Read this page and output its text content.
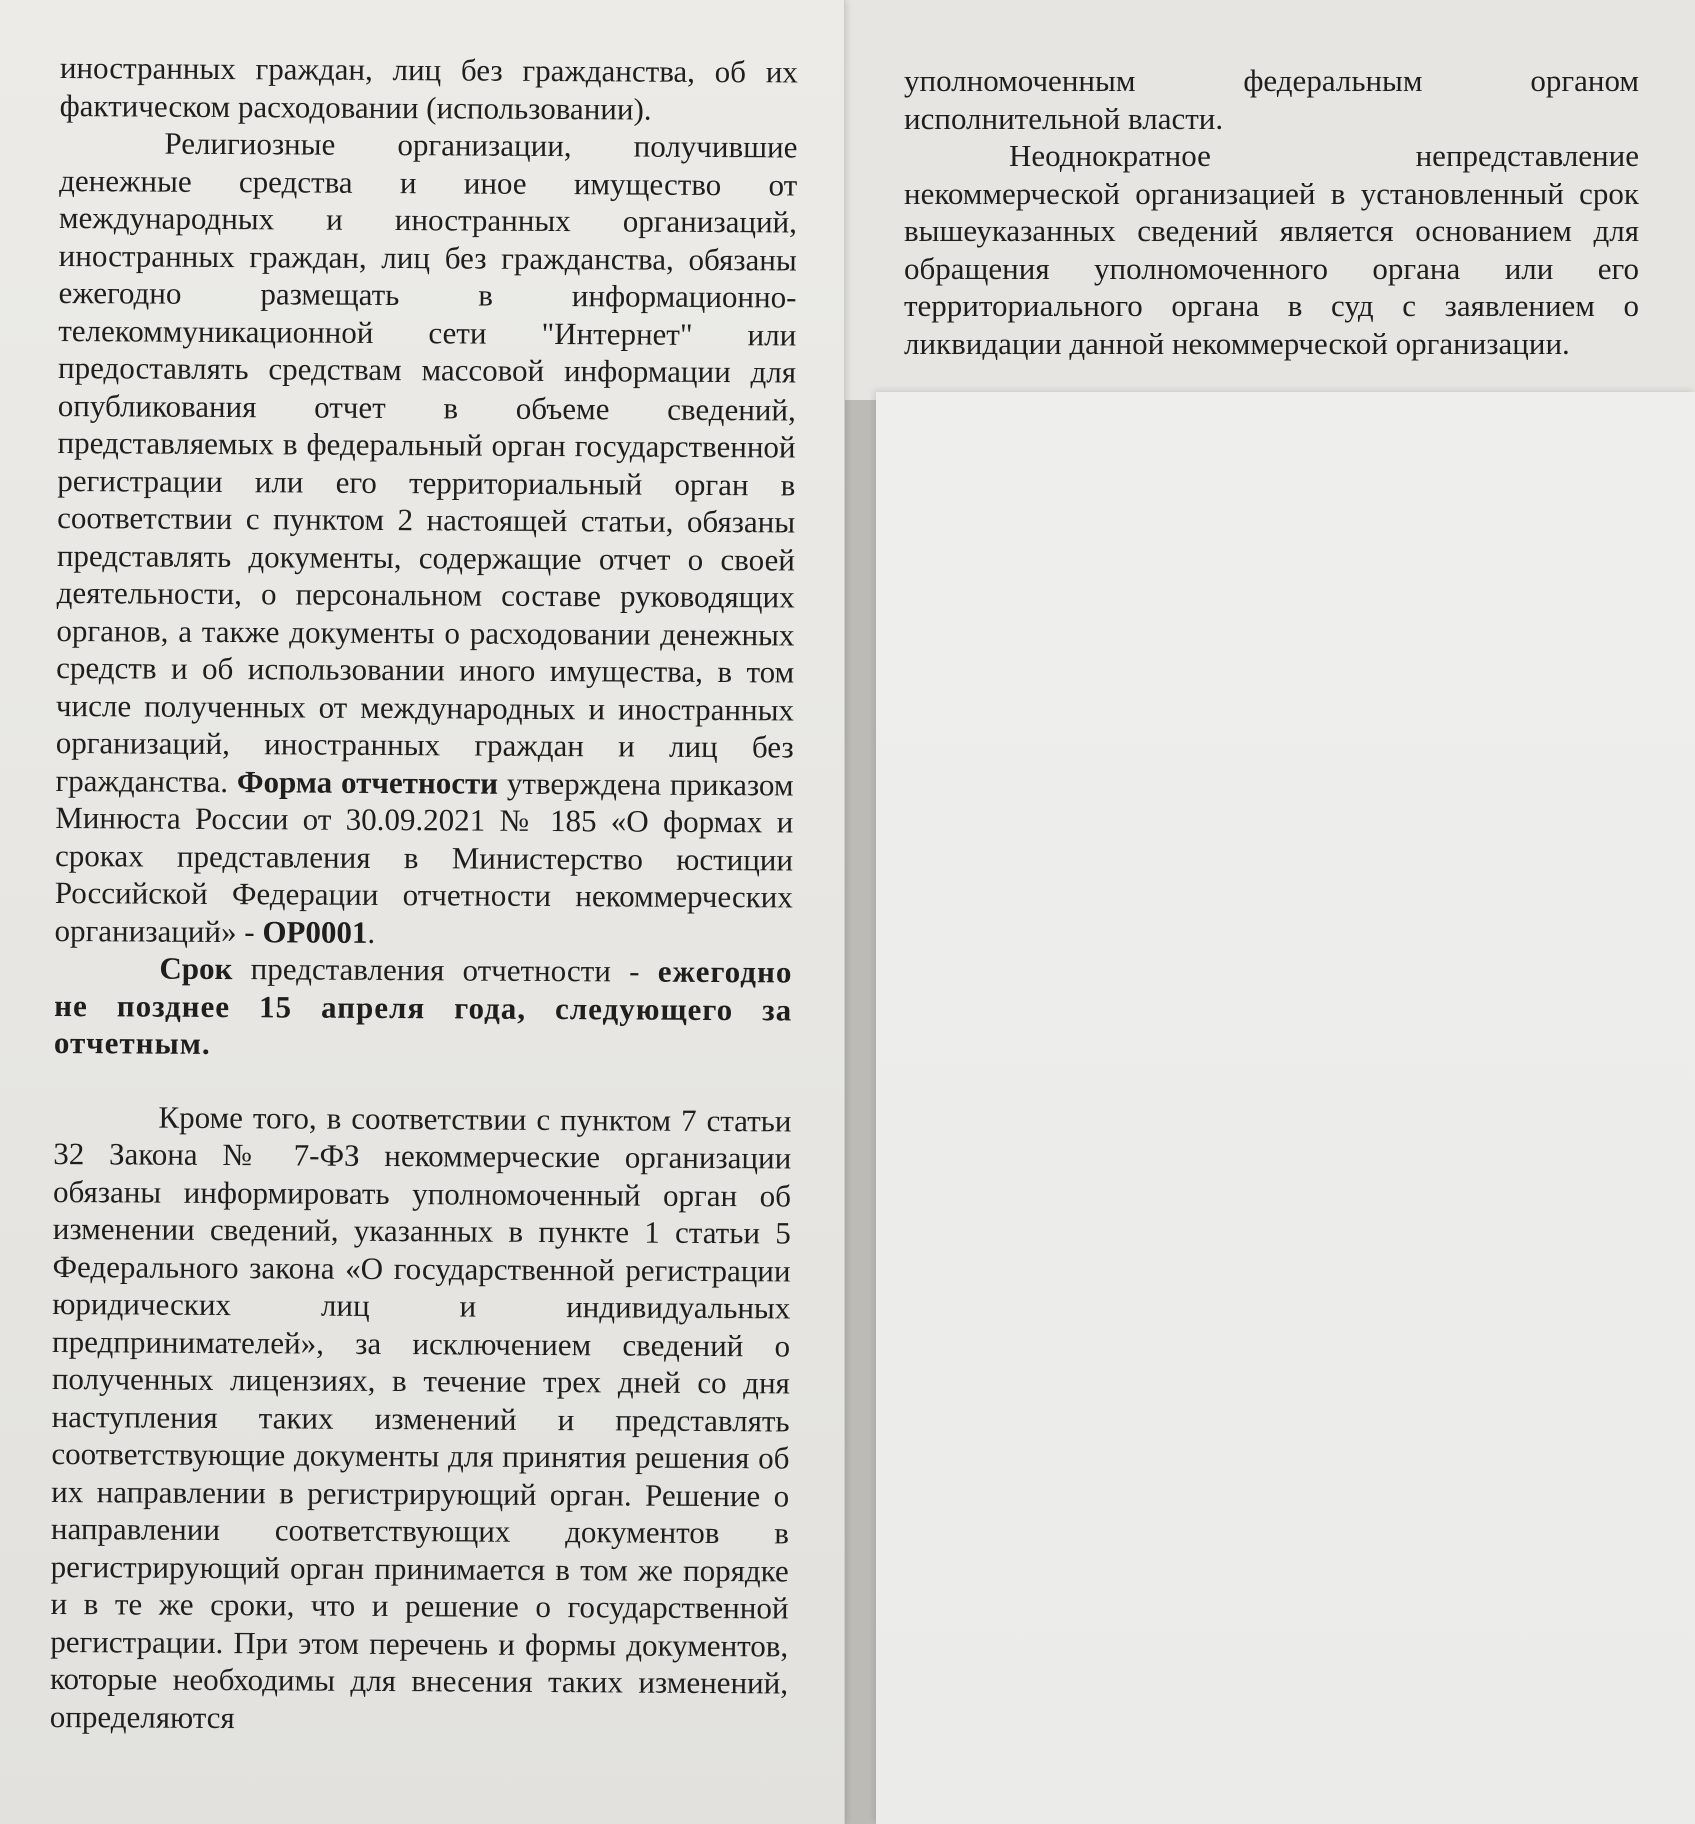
иностранных граждан, лиц без гражданства, об их фактическом расходовании (использовании).

Религиозные организации, получившие денежные средства и иное имущество от международных и иностранных организаций, иностранных граждан, лиц без гражданства, обязаны ежегодно размещать в информационно-телекоммуникационной сети "Интернет" или предоставлять средствам массовой информации для опубликования отчет в объеме сведений, представляемых в федеральный орган государственной регистрации или его территориальный орган в соответствии с пунктом 2 настоящей статьи, обязаны представлять документы, содержащие отчет о своей деятельности, о персональном составе руководящих органов, а также документы о расходовании денежных средств и об использовании иного имущества, в том числе полученных от международных и иностранных организаций, иностранных граждан и лиц без гражданства. Форма отчетности утверждена приказом Минюста России от 30.09.2021 № 185 «О формах и сроках представления в Министерство юстиции Российской Федерации отчетности некоммерческих организаций» - ОР0001.

Срок представления отчетности - ежегодно не позднее 15 апреля года, следующего за отчетным.

Кроме того, в соответствии с пунктом 7 статьи 32 Закона № 7-ФЗ некоммерческие организации обязаны информировать уполномоченный орган об изменении сведений, указанных в пункте 1 статьи 5 Федерального закона «О государственной регистрации юридических лиц и индивидуальных предпринимателей», за исключением сведений о полученных лицензиях, в течение трех дней со дня наступления таких изменений и представлять соответствующие документы для принятия решения об их направлении в регистрирующий орган. Решение о направлении соответствующих документов в регистрирующий орган принимается в том же порядке и в те же сроки, что и решение о государственной регистрации. При этом перечень и формы документов, которые необходимы для внесения таких изменений, определяются

уполномоченным федеральным органом исполнительной власти.

Неоднократное непредставление некоммерческой организацией в установленный срок вышеуказанных сведений является основанием для обращения уполномоченного органа или его территориального органа в суд с заявлением о ликвидации данной некоммерческой организации.
